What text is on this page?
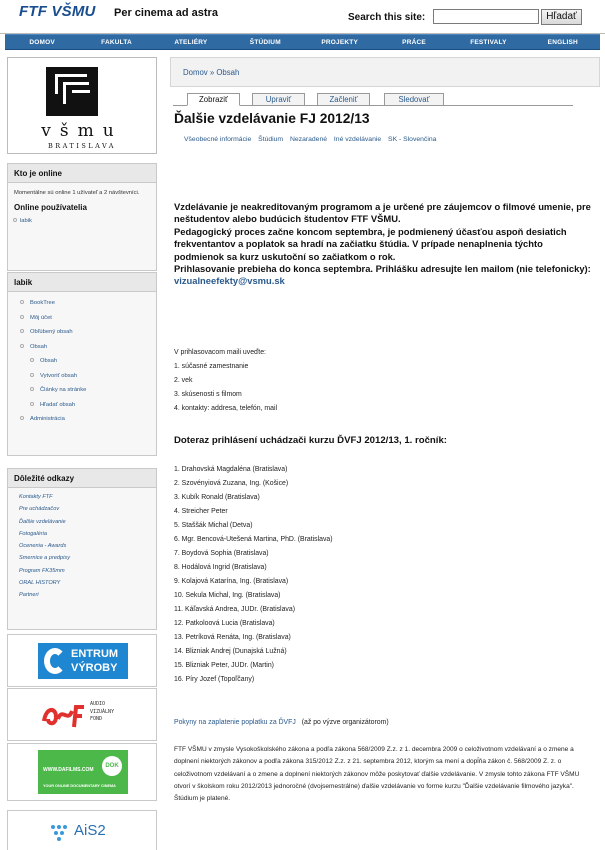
FTF VŠMU Per cinema ad astra	Search this site:	Hľadať
DOMOV	FAKULTA	ATELIÉRY	ŠTÚDIUM	PROJEKTY	PRÁCE	FESTIVALY	ENGLISH
všmu
BRATISLAVA
Kto je online
Momentálne sú online 1 užívateľ a 2 návštevníci.
Online používatelia
labik
labik
BookTree
Môj účet
Obľúbený obsah
Obsah
Obsah
Vytvoriť obsah
Články na stránke
Hľadať obsah
Administrácia
Dôležité odkazy
Kontakty FTF
Pre uchádzačov
Ďalšie vzdelávanie
Fotogaléria
Ocenenia - Awards
Smernice a predpisy
Program FK35mm
ORAL HISTORY
Partneri
ENTRUM
VÝROBY
AUDIO VIZUÁLNY FOND
WWW.DAFILMS.COM
DOK
YOUR ONLINE DOCUMENTARY CINEMA
AiS2
Domov » Obsah
Zobraziť	Upraviť	Začleniť	Sledovať
Ďalšie vzdelávanie FJ 2012/13
Všeobecné informácie Štúdium Nezaradené Iné vzdelávanie SK - Slovenčina
Vzdelávanie je neakreditovaným programom a je určené pre záujemcov o filmové umenie, pre neštudentov alebo budúcich študentov FTF VŠMU.
Pedagogický proces začne koncom septembra, je podmienený účasťou aspoň desiatich frekventantov a poplatok sa hradí na začiatku štúdia. V prípade nenaplnenia týchto podmienok sa kurz uskutoční so začiatkom o rok.
Prihlasovanie prebieha do konca septembra. Prihlášku adresujte len mailom (nie telefonicky): vizualneefekty@vsmu.sk
V prihlasovacom maili uveďte:
1. súčasné zamestnanie
2. vek
3. skúsenosti s filmom
4. kontakty: addresa, telefón, mail
Doteraz prihlásení uchádzači kurzu ĎVFJ 2012/13, 1. ročník:
1. Drahovská Magdaléna (Bratislava)
2. Szovényiová Zuzana, Ing. (Košice)
3. Kubík Ronald (Bratislava)
4. Streicher Peter
5. Staššák Michal (Detva)
6. Mgr. Bencová-Utešená Martina, PhD. (Bratislava)
7. Boydová Sophia (Bratislava)
8. Hodálová Ingrid (Bratislava)
9. Kolajová Katarína, Ing. (Bratislava)
10. Sekula Michal, Ing. (Bratislava)
11. Káľavská Andrea, JUDr. (Bratislava)
12. Patkoloová Lucia (Bratislava)
13. Petríková Renáta, Ing. (Bratislava)
14. Blizniak Andrej (Dunajská Lužná)
15. Blizniak Peter, JUDr. (Martin)
16. Píry Jozef (Topoľčany)
Pokyny na zaplatenie poplatku za ĎVFJ (až po výzve organizátorom)
FTF VŠMU v zmysle Vysokoškolského zákona a podľa zákona 568/2009 Z.z. z 1. decembra 2009 o celoživotnom vzdelávaní a o zmene a doplnení niektorých zákonov a podľa zákona 315/2012 Z.z. z 21. septembra 2012, ktorým sa mení a dopĺňa zákon č. 568/2009 Z. z. o celoživotnom vzdelávaní a o zmene a doplnení niektorých zákonov môže poskytovať ďalšie vzdelávanie. V zmysle tohto zákona FTF VŠMU otvorí v školskom roku 2012/2013 jednoročné (dvojsemestrálne) ďalšie vzdelávanie vo forme kurzu "Ďalšie vzdelávanie filmového jazyka". Štúdium je platené.
